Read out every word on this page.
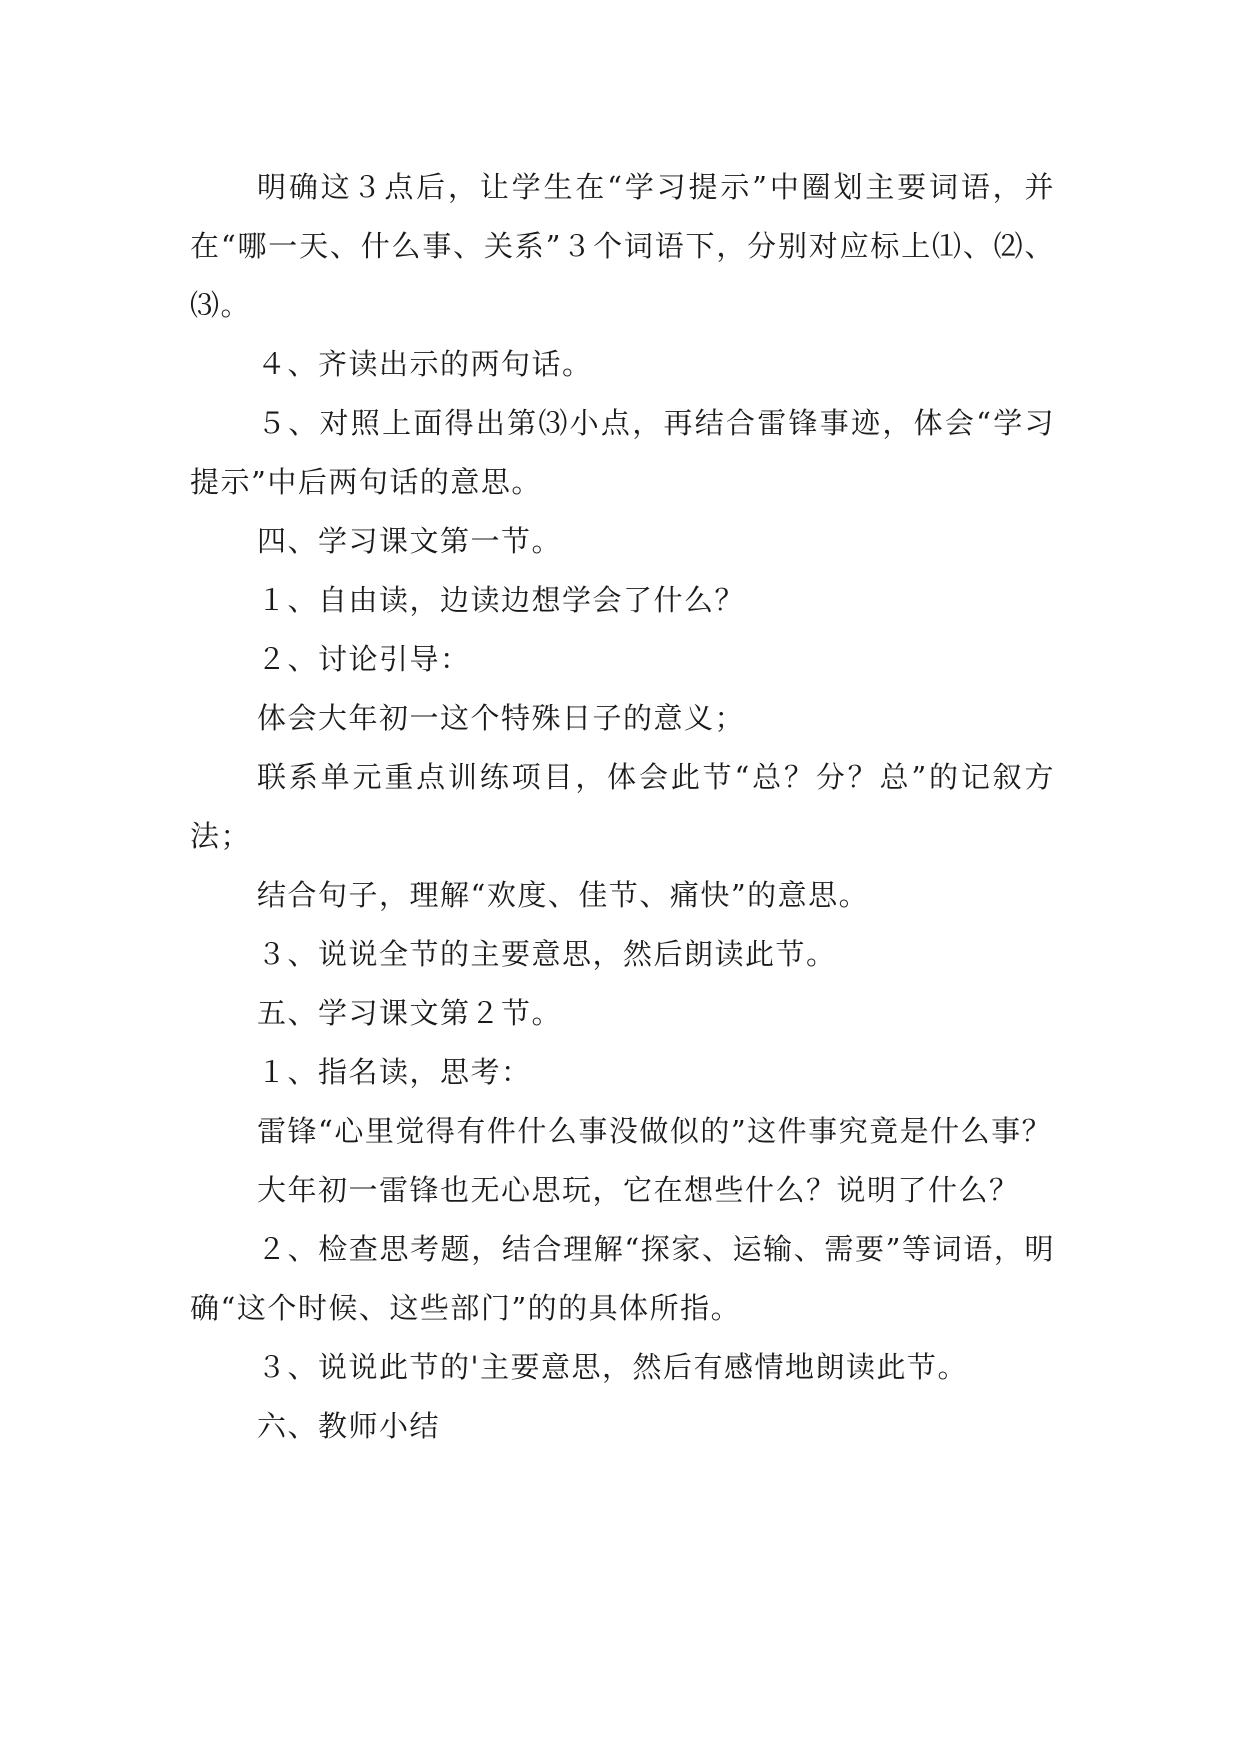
明确这３点后，让学生在“学习提示”中圈划主要词语，并在“哪一天、什么事、关系”３个词语下，分别对应标上⑴、⑵、⑶。

４、齐读出示的两句话。

５、对照上面得出第⑶小点，再结合雷锋事迹，体会“学习提示”中后两句话的意思。

四、学习课文第一节。

１、自由读，边读边想学会了什么？

２、讨论引导：

体会大年初一这个特殊日子的意义；

联系单元重点训练项目，体会此节“总？分？总”的记叙方法；

结合句子，理解“欢度、佳节、痛快”的意思。

３、说说全节的主要意思，然后朗读此节。

五、学习课文第２节。

１、指名读，思考：

雷锋“心里觉得有件什么事没做似的”这件事究竟是什么事？

大年初一雷锋也无心思玩，它在想些什么？说明了什么？

２、检查思考题，结合理解“探家、运输、需要”等词语，明确“这个时候、这些部门”的的具体所指。

３、说说此节的'主要意思，然后有感情地朗读此节。

六、教师小结
